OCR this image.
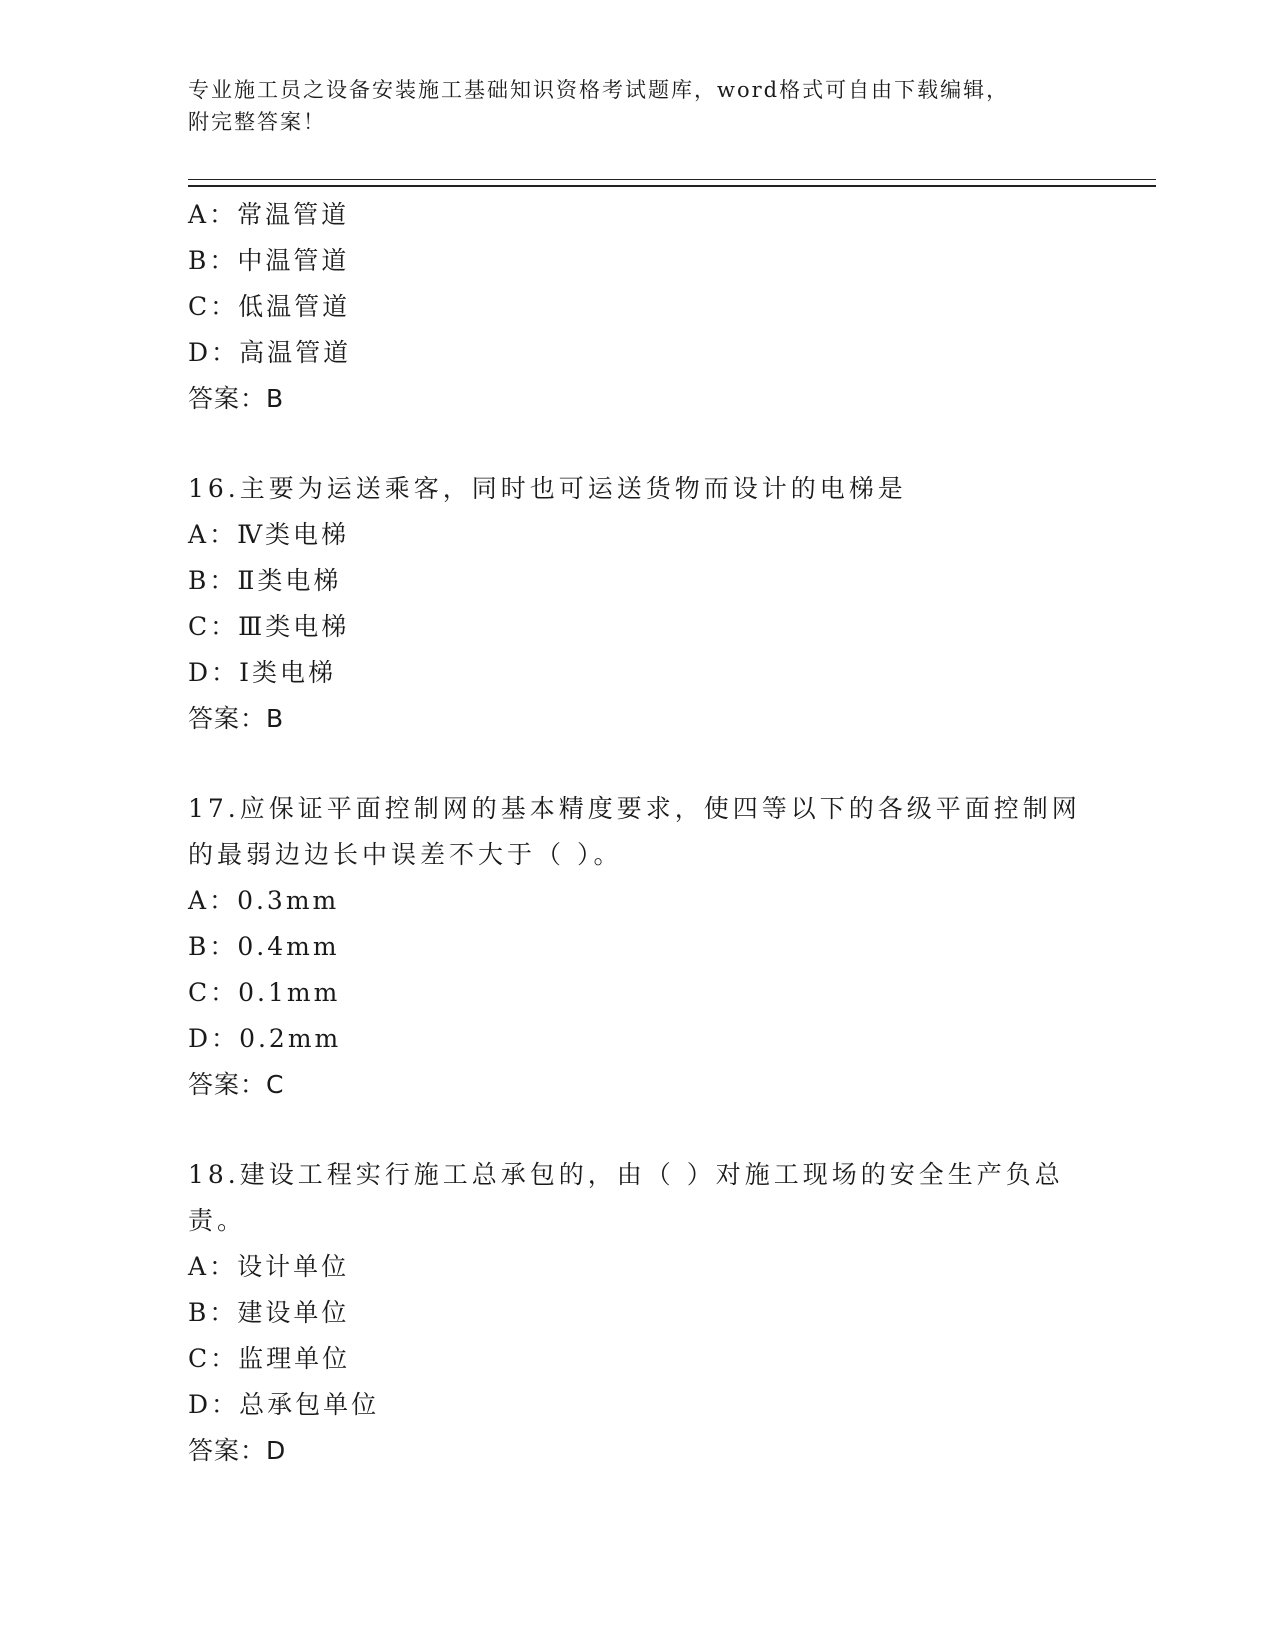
专业施工员之设备安装施工基础知识资格考试题库，word格式可自由下载编辑，
附完整答案！
A：常温管道
B：中温管道
C：低温管道
D：高温管道
答案：B
16.主要为运送乘客，同时也可运送货物而设计的电梯是
A：Ⅳ类电梯
B：Ⅱ类电梯
C：Ⅲ类电梯
D：Ⅰ类电梯
答案：B
17.应保证平面控制网的基本精度要求，使四等以下的各级平面控制网的最弱边边长中误差不大于（ ）。
A：0.3mm
B：0.4mm
C：0.1mm
D：0.2mm
答案：C
18.建设工程实行施工总承包的，由（ ）对施工现场的安全生产负总责。
A：设计单位
B：建设单位
C：监理单位
D：总承包单位
答案：D
